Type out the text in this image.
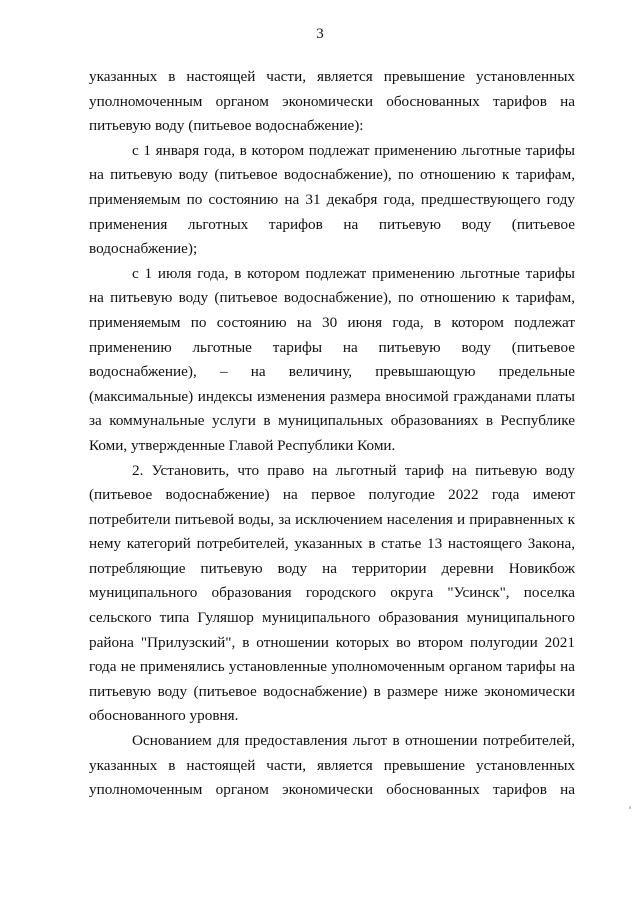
3

указанных в настоящей части, является превышение установленных уполномоченным органом экономически обоснованных тарифов на питьевую воду (питьевое водоснабжение):

с 1 января года, в котором подлежат применению льготные тарифы на питьевую воду (питьевое водоснабжение), по отношению к тарифам, применяемым по состоянию на 31 декабря года, предшествующего году применения льготных тарифов на питьевую воду (питьевое водоснабжение);

с 1 июля года, в котором подлежат применению льготные тарифы на питьевую воду (питьевое водоснабжение), по отношению к тарифам, применяемым по состоянию на 30 июня года, в котором подлежат применению льготные тарифы на питьевую воду (питьевое водоснабжение), – на величину, превышающую предельные (максимальные) индексы изменения размера вносимой гражданами платы за коммунальные услуги в муниципальных образованиях в Республике Коми, утвержденные Главой Республики Коми.

2. Установить, что право на льготный тариф на питьевую воду (питьевое водоснабжение) на первое полугодие 2022 года имеют потребители питьевой воды, за исключением населения и приравненных к нему категорий потребителей, указанных в статье 13 настоящего Закона, потребляющие питьевую воду на территории деревни Новикбож муниципального образования городского округа "Усинск", поселка сельского типа Гуляшор муниципального образования муниципального района "Прилузский", в отношении которых во втором полугодии 2021 года не применялись установленные уполномоченным органом тарифы на питьевую воду (питьевое водоснабжение) в размере ниже экономически обоснованного уровня.

Основанием для предоставления льгот в отношении потребителей, указанных в настоящей части, является превышение установленных уполномоченным органом экономически обоснованных тарифов на
